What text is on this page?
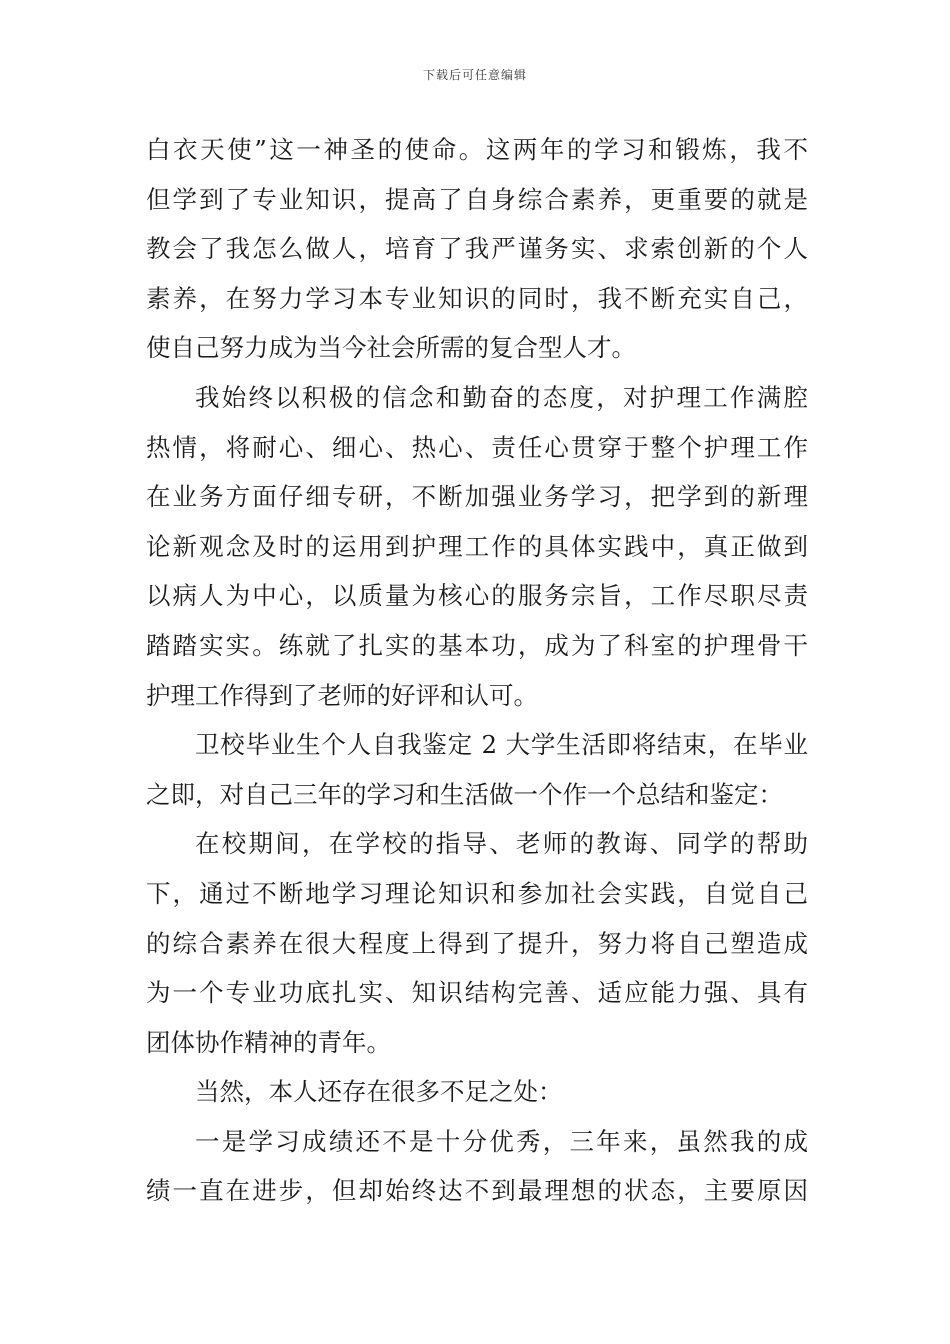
下载后可任意编辑
白衣天使”这一神圣的使命。这两年的学习和锻炼，我不
但学到了专业知识，提高了自身综合素养，更重要的就是
教会了我怎么做人，培育了我严谨务实、求索创新的个人
素养，在努力学习本专业知识的同时，我不断充实自己，
使自己努力成为当今社会所需的复合型人才。
我始终以积极的信念和勤奋的态度，对护理工作满腔
热情，将耐心、细心、热心、责任心贯穿于整个护理工作
在业务方面仔细专研，不断加强业务学习，把学到的新理
论新观念及时的运用到护理工作的具体实践中，真正做到
以病人为中心，以质量为核心的服务宗旨，工作尽职尽责
踏踏实实。练就了扎实的基本功，成为了科室的护理骨干
护理工作得到了老师的好评和认可。
卫校毕业生个人自我鉴定 2 大学生活即将结束，在毕业
之即，对自己三年的学习和生活做一个作一个总结和鉴定：
在校期间，在学校的指导、老师的教诲、同学的帮助
下，通过不断地学习理论知识和参加社会实践，自觉自己
的综合素养在很大程度上得到了提升，努力将自己塑造成
为一个专业功底扎实、知识结构完善、适应能力强、具有
团体协作精神的青年。
当然，本人还存在很多不足之处：
一是学习成绩还不是十分优秀，三年来，虽然我的成
绩一直在进步，但却始终达不到最理想的状态，主要原因
